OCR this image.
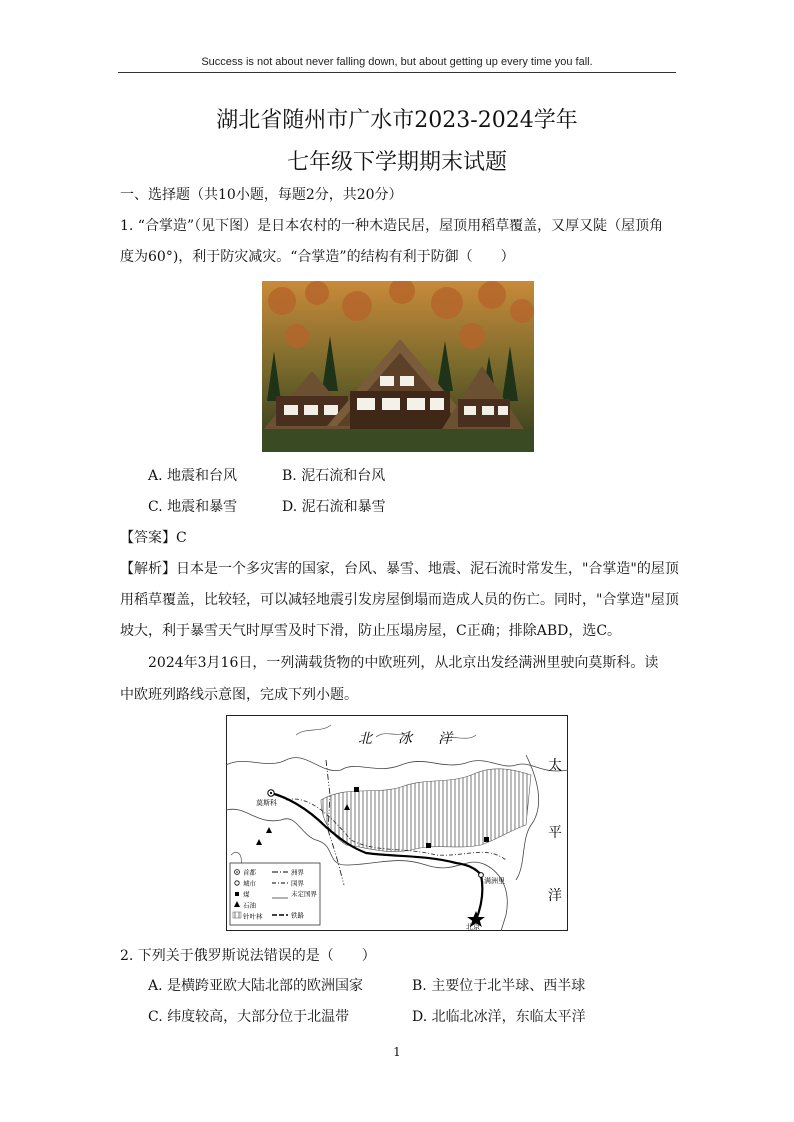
Success is not about never falling down, but about getting up every time you fall.
湖北省随州市广水市2023-2024学年
七年级下学期期末试题
一、选择题（共10小题，每题2分，共20分）
1. “合掌造”（见下图）是日本农村的一种木造民居，屋顶用稻草覆盖，又厚又陡（屋顶角
度为60°)，利于防灾减灾。“合掌造”的结构有利于防御（　　）
A. 地震和台风	B. 泥石流和台风
C. 地震和暴雪	D. 泥石流和暴雪
【答案】C
【解析】日本是一个多灾害的国家，台风、暴雪、地震、泥石流时常发生，"合掌造"的屋顶
用稻草覆盖，比较轻，可以减轻地震引发房屋倒塌而造成人员的伤亡。同时，"合掌造"屋顶
坡大，利于暴雪天气时厚雪及时下滑，防止压塌房屋，C正确；排除ABD，选C。
2024年3月16日，一列满载货物的中欧班列，从北京出发经满洲里驶向莫斯科。读
中欧班列路线示意图，完成下列小题。
北 冰 洋
太
平
洋
莫斯科
满洲里
北京
首都
城市
煤
石油
针叶林
洲界
国界
未定国界
铁路
2. 下列关于俄罗斯说法错误的是（　　）
A. 是横跨亚欧大陆北部的欧洲国家	B. 主要位于北半球、西半球
C. 纬度较高，大部分位于北温带	D. 北临北冰洋，东临太平洋
1
